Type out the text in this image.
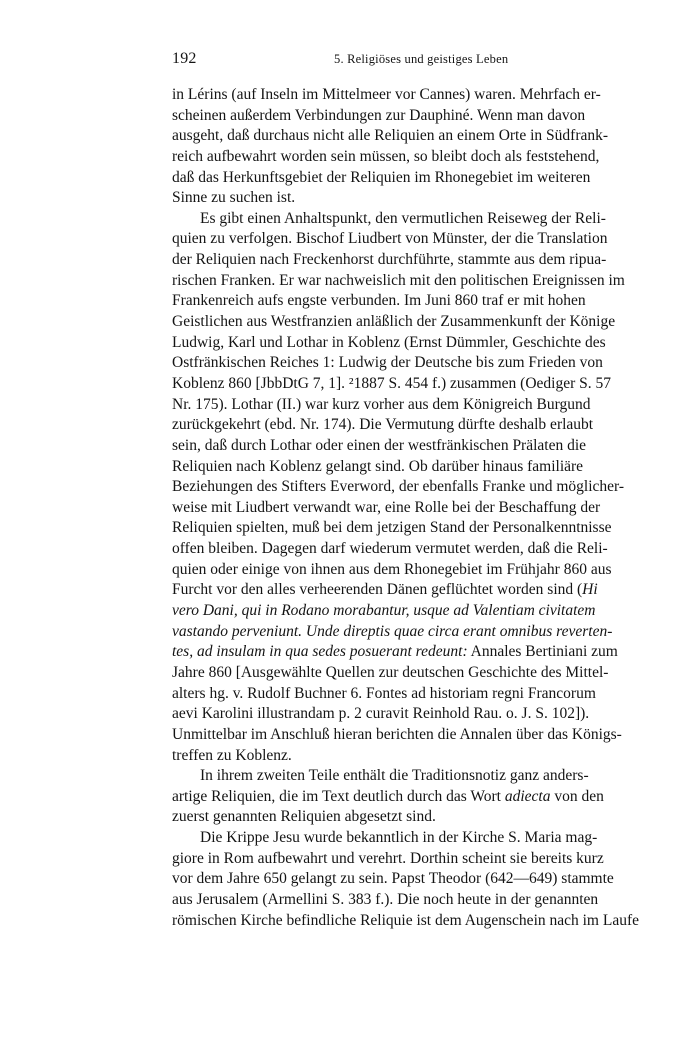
192	5. Religiöses und geistiges Leben
in Lérins (auf Inseln im Mittelmeer vor Cannes) waren. Mehrfach er-
scheinen außerdem Verbindungen zur Dauphiné. Wenn man davon
ausgeht, daß durchaus nicht alle Reliquien an einem Orte in Südfrank-
reich aufbewahrt worden sein müssen, so bleibt doch als feststehend,
daß das Herkunftsgebiet der Reliquien im Rhonegebiet im weiteren
Sinne zu suchen ist.
Es gibt einen Anhaltspunkt, den vermutlichen Reiseweg der Reli-
quien zu verfolgen. Bischof Liudbert von Münster, der die Translation
der Reliquien nach Freckenhorst durchführte, stammte aus dem ripua-
rischen Franken. Er war nachweislich mit den politischen Ereignissen im
Frankenreich aufs engste verbunden. Im Juni 860 traf er mit hohen
Geistlichen aus Westfranzien anläßlich der Zusammenkunft der Könige
Ludwig, Karl und Lothar in Koblenz (Ernst Dümmler, Geschichte des
Ostfränkischen Reiches 1: Ludwig der Deutsche bis zum Frieden von
Koblenz 860 [JbbDtG 7, 1]. ²1887 S. 454 f.) zusammen (Oediger S. 57
Nr. 175). Lothar (II.) war kurz vorher aus dem Königreich Burgund
zurückgekehrt (ebd. Nr. 174). Die Vermutung dürfte deshalb erlaubt
sein, daß durch Lothar oder einen der westfränkischen Prälaten die
Reliquien nach Koblenz gelangt sind. Ob darüber hinaus familiäre
Beziehungen des Stifters Everword, der ebenfalls Franke und möglicher-
weise mit Liudbert verwandt war, eine Rolle bei der Beschaffung der
Reliquien spielten, muß bei dem jetzigen Stand der Personalkenntnisse
offen bleiben. Dagegen darf wiederum vermutet werden, daß die Reli-
quien oder einige von ihnen aus dem Rhonegebiet im Frühjahr 860 aus
Furcht vor den alles verheerenden Dänen geflüchtet worden sind (Hi
vero Dani, qui in Rodano morabantur, usque ad Valentiam civitatem
vastando perveniunt. Unde direptis quae circa erant omnibus reverten-
tes, ad insulam in qua sedes posuerant redeunt: Annales Bertiniani zum
Jahre 860 [Ausgewählte Quellen zur deutschen Geschichte des Mittel-
alters hg. v. Rudolf Buchner 6. Fontes ad historiam regni Francorum
aevi Karolini illustrandam p. 2 curavit Reinhold Rau. o. J. S. 102]).
Unmittelbar im Anschluß hieran berichten die Annalen über das Königs-
treffen zu Koblenz.
In ihrem zweiten Teile enthält die Traditionsnotiz ganz anders-
artige Reliquien, die im Text deutlich durch das Wort adiecta von den
zuerst genannten Reliquien abgesetzt sind.
Die Krippe Jesu wurde bekanntlich in der Kirche S. Maria mag-
giore in Rom aufbewahrt und verehrt. Dorthin scheint sie bereits kurz
vor dem Jahre 650 gelangt zu sein. Papst Theodor (642—649) stammte
aus Jerusalem (Armellini S. 383 f.). Die noch heute in der genannten
römischen Kirche befindliche Reliquie ist dem Augenschein nach im Laufe
